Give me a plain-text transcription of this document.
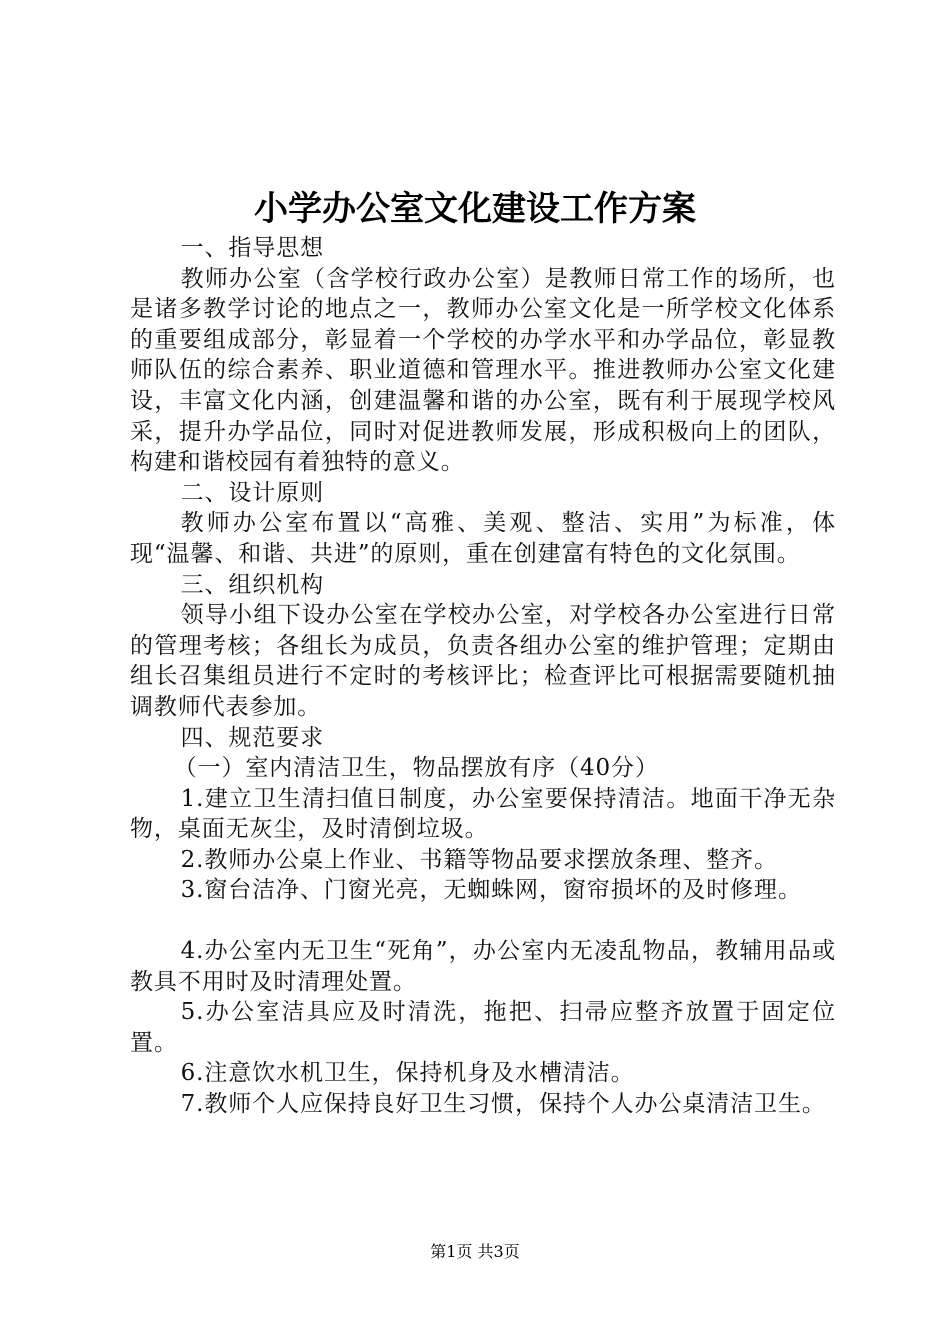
小学办公室文化建设工作方案

一、指导思想

教师办公室（含学校行政办公室）是教师日常工作的场所，也是诸多教学讨论的地点之一，教师办公室文化是一所学校文化体系的重要组成部分，彰显着一个学校的办学水平和办学品位，彰显教师队伍的综合素养、职业道德和管理水平。推进教师办公室文化建设，丰富文化内涵，创建温馨和谐的办公室，既有利于展现学校风采，提升办学品位，同时对促进教师发展，形成积极向上的团队，构建和谐校园有着独特的意义。

二、设计原则

教师办公室布置以“高雅、美观、整洁、实用”为标准，体现“温馨、和谐、共进”的原则，重在创建富有特色的文化氛围。

三、组织机构

领导小组下设办公室在学校办公室，对学校各办公室进行日常的管理考核；各组长为成员，负责各组办公室的维护管理；定期由组长召集组员进行不定时的考核评比；检查评比可根据需要随机抽调教师代表参加。

四、规范要求

（一）室内清洁卫生，物品摆放有序（40分）

1.建立卫生清扫值日制度，办公室要保持清洁。地面干净无杂物，桌面无灰尘，及时清倒垃圾。

2.教师办公桌上作业、书籍等物品要求摆放条理、整齐。

3.窗台洁净、门窗光亮，无蜘蛛网，窗帘损坏的及时修理。

4.办公室内无卫生“死角”，办公室内无凌乱物品，教辅用品或教具不用时及时清理处置。

5.办公室洁具应及时清洗，拖把、扫帚应整齐放置于固定位置。

6.注意饮水机卫生，保持机身及水槽清洁。

7.教师个人应保持良好卫生习惯，保持个人办公桌清洁卫生。

第1页 共3页
